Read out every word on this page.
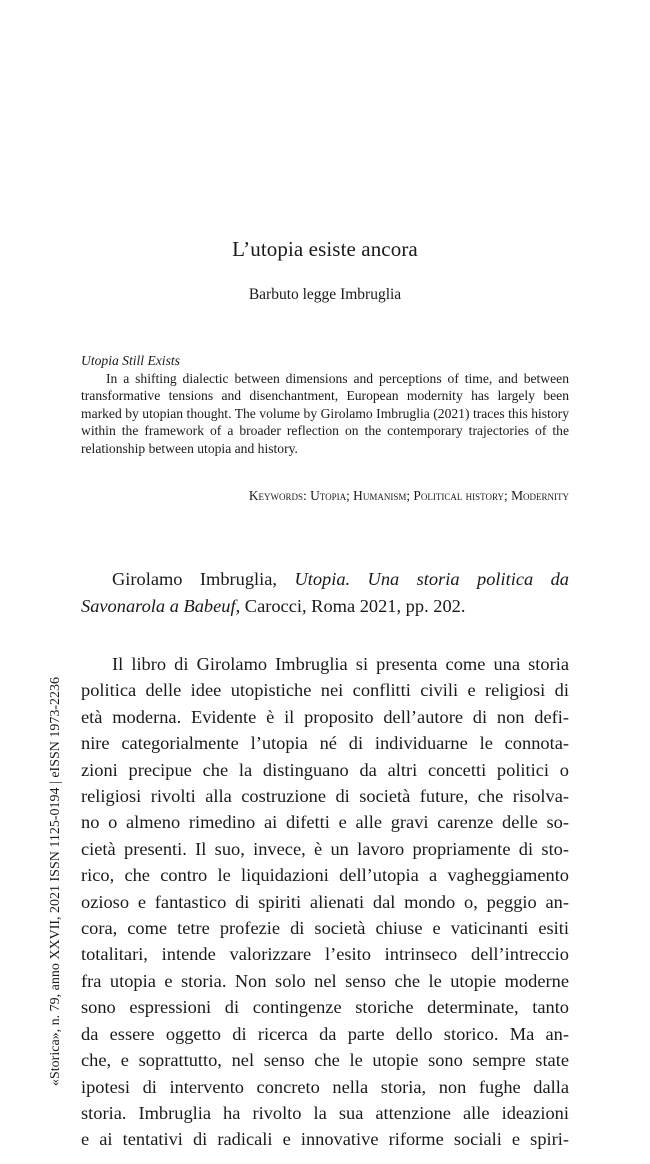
L’utopia esiste ancora
Barbuto legge Imbruglia
Utopia Still Exists

In a shifting dialectic between dimensions and perceptions of time, and between transformative tensions and disenchantment, European modernity has largely been marked by utopian thought. The volume by Girolamo Imbruglia (2021) traces this history within the framework of a broader reflection on the contemporary trajectories of the relationship between utopia and history.

Keywords: Utopia; Humanism; Political history; Modernity

Girolamo Imbruglia, Utopia. Una storia politica da Savonarola a Babeuf, Carocci, Roma 2021, pp. 202.

Il libro di Girolamo Imbruglia si presenta come una storia
politica delle idee utopistiche nei conflitti civili e religiosi di
età moderna. Evidente è il proposito dell’autore di non defi-
nire categorialmente l’utopia né di individuarne le connota-
zioni precipue che la distinguano da altri concetti politici o
religiosi rivolti alla costruzione di società future, che risolva-
no o almeno rimedino ai difetti e alle gravi carenze delle so-
cietà presenti. Il suo, invece, è un lavoro propriamente di sto-
rico, che contro le liquidazioni dell’utopia a vagheggiamento
ozioso e fantastico di spiriti alienati dal mondo o, peggio an-
cora, come tetre profezie di società chiuse e vaticinanti esiti
totalitari, intende valorizzare l’esito intrinseco dell’intreccio
fra utopia e storia. Non solo nel senso che le utopie moderne
sono espressioni di contingenze storiche determinate, tanto
da essere oggetto di ricerca da parte dello storico. Ma an-
che, e soprattutto, nel senso che le utopie sono sempre state
ipotesi di intervento concreto nella storia, non fughe dalla
storia. Imbruglia ha rivolto la sua attenzione alle ideazioni
e ai tentativi di radicali e innovative riforme sociali e spiri-
«Storica», n. 79, anno XXVII, 2021 ISSN 1125-0194 | eISSN 1973-2236
